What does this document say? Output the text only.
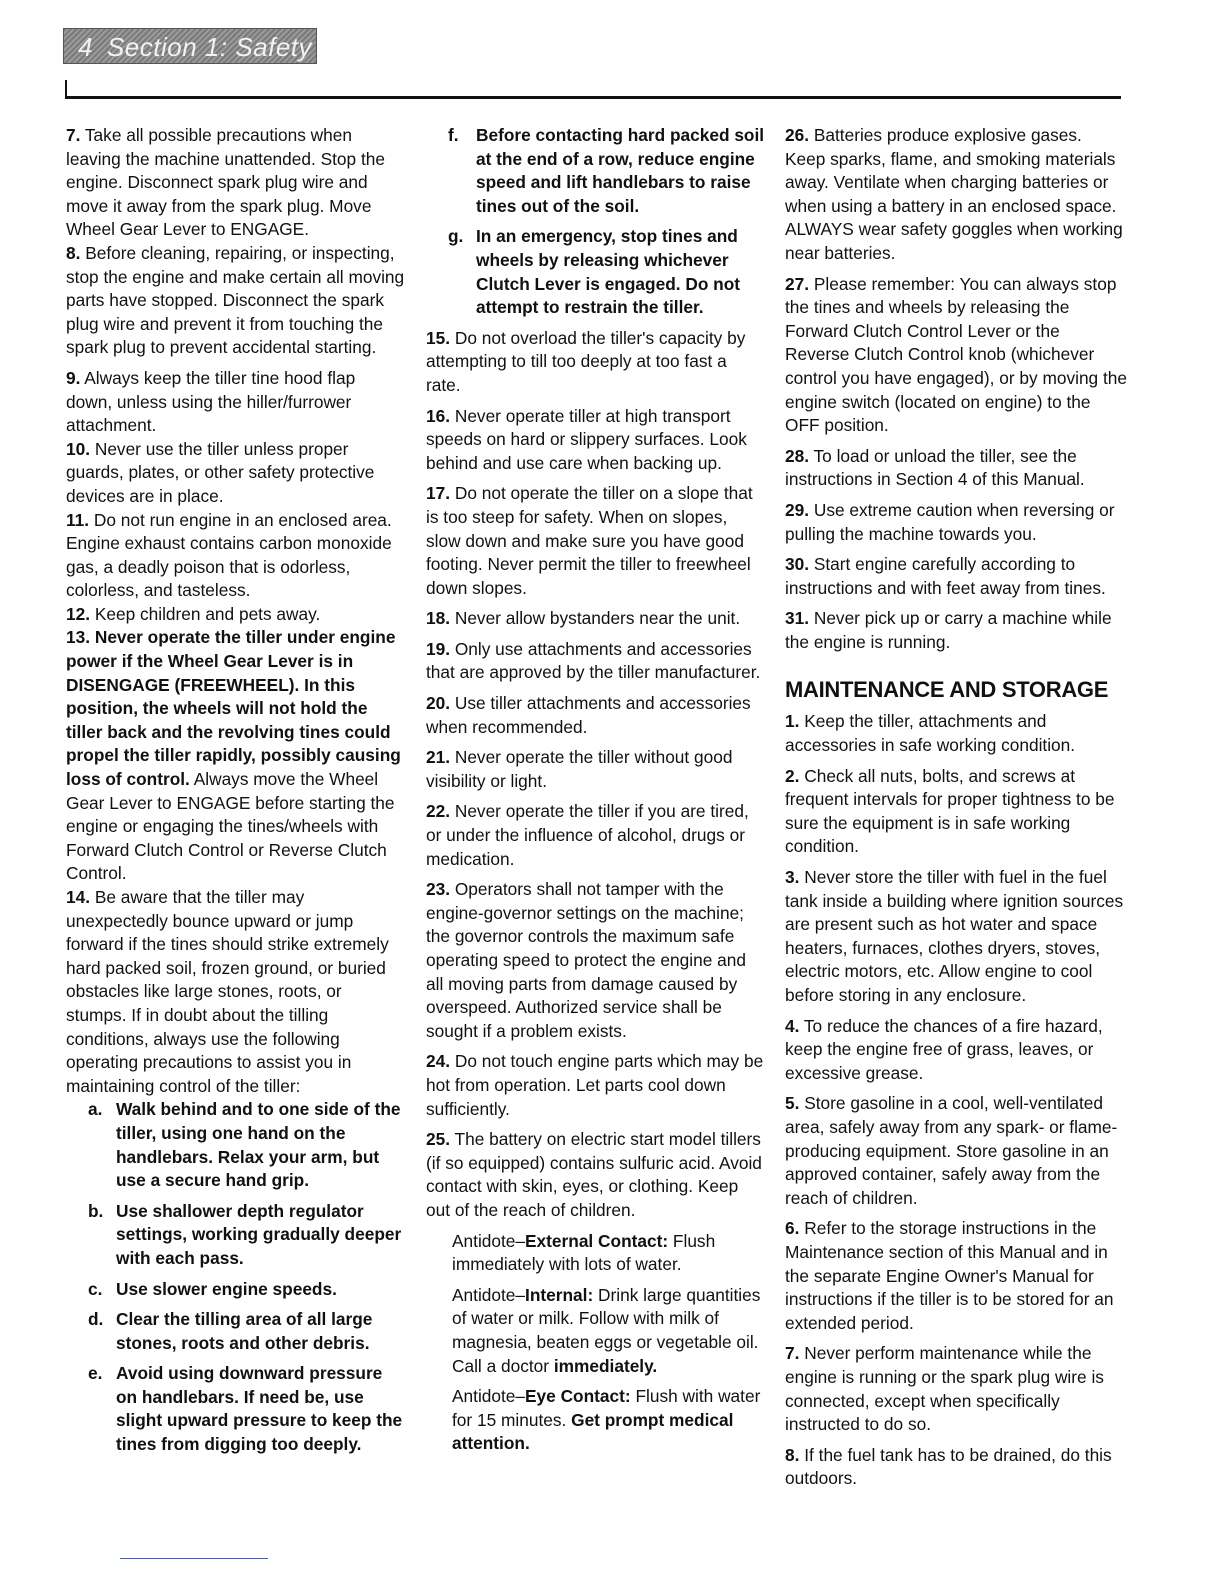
4 Section 1: Safety

7. Take all possible precautions when leaving the machine unattended. Stop the engine. Disconnect spark plug wire and move it away from the spark plug. Move Wheel Gear Lever to ENGAGE.

8. Before cleaning, repairing, or inspecting, stop the engine and make certain all moving parts have stopped. Disconnect the spark plug wire and prevent it from touching the spark plug to prevent accidental starting.

9. Always keep the tiller tine hood flap down, unless using the hiller/furrower attachment.

10. Never use the tiller unless proper guards, plates, or other safety protective devices are in place.

11. Do not run engine in an enclosed area. Engine exhaust contains carbon monoxide gas, a deadly poison that is odorless, colorless, and tasteless.

12. Keep children and pets away.

13. Never operate the tiller under engine power if the Wheel Gear Lever is in DISENGAGE (FREEWHEEL). In this position, the wheels will not hold the tiller back and the revolving tines could propel the tiller rapidly, possibly causing loss of control. Always move the Wheel Gear Lever to ENGAGE before starting the engine or engaging the tines/wheels with Forward Clutch Control or Reverse Clutch Control.

14. Be aware that the tiller may unexpectedly bounce upward or jump forward if the tines should strike extremely hard packed soil, frozen ground, or buried obstacles like large stones, roots, or stumps. If in doubt about the tilling conditions, always use the following operating precautions to assist you in maintaining control of the tiller:

a. Walk behind and to one side of the tiller, using one hand on the handlebars. Relax your arm, but use a secure hand grip.

b. Use shallower depth regulator settings, working gradually deeper with each pass.

c. Use slower engine speeds.

d. Clear the tilling area of all large stones, roots and other debris.

e. Avoid using downward pressure on handlebars. If need be, use slight upward pressure to keep the tines from digging too deeply.

f. Before contacting hard packed soil at the end of a row, reduce engine speed and lift handlebars to raise tines out of the soil.

g. In an emergency, stop tines and wheels by releasing whichever Clutch Lever is engaged. Do not attempt to restrain the tiller.

15. Do not overload the tiller's capacity by attempting to till too deeply at too fast a rate.

16. Never operate tiller at high transport speeds on hard or slippery surfaces. Look behind and use care when backing up.

17. Do not operate the tiller on a slope that is too steep for safety. When on slopes, slow down and make sure you have good footing. Never permit the tiller to freewheel down slopes.

18. Never allow bystanders near the unit.

19. Only use attachments and accessories that are approved by the tiller manufacturer.

20. Use tiller attachments and accessories when recommended.

21. Never operate the tiller without good visibility or light.

22. Never operate the tiller if you are tired, or under the influence of alcohol, drugs or medication.

23. Operators shall not tamper with the engine-governor settings on the machine; the governor controls the maximum safe operating speed to protect the engine and all moving parts from damage caused by overspeed. Authorized service shall be sought if a problem exists.

24. Do not touch engine parts which may be hot from operation. Let parts cool down sufficiently.

25. The battery on electric start model tillers (if so equipped) contains sulfuric acid. Avoid contact with skin, eyes, or clothing. Keep out of the reach of children.

Antidote–External Contact: Flush immediately with lots of water.

Antidote–Internal: Drink large quantities of water or milk. Follow with milk of magnesia, beaten eggs or vegetable oil. Call a doctor immediately.

Antidote–Eye Contact: Flush with water for 15 minutes. Get prompt medical attention.

26. Batteries produce explosive gases. Keep sparks, flame, and smoking materials away. Ventilate when charging batteries or when using a battery in an enclosed space. ALWAYS wear safety goggles when working near batteries.

27. Please remember: You can always stop the tines and wheels by releasing the Forward Clutch Control Lever or the Reverse Clutch Control knob (whichever control you have engaged), or by moving the engine switch (located on engine) to the OFF position.

28. To load or unload the tiller, see the instructions in Section 4 of this Manual.

29. Use extreme caution when reversing or pulling the machine towards you.

30. Start engine carefully according to instructions and with feet away from tines.

31. Never pick up or carry a machine while the engine is running.

MAINTENANCE AND STORAGE

1. Keep the tiller, attachments and accessories in safe working condition.

2. Check all nuts, bolts, and screws at frequent intervals for proper tightness to be sure the equipment is in safe working condition.

3. Never store the tiller with fuel in the fuel tank inside a building where ignition sources are present such as hot water and space heaters, furnaces, clothes dryers, stoves, electric motors, etc. Allow engine to cool before storing in any enclosure.

4. To reduce the chances of a fire hazard, keep the engine free of grass, leaves, or excessive grease.

5. Store gasoline in a cool, well-ventilated area, safely away from any spark- or flame-producing equipment. Store gasoline in an approved container, safely away from the reach of children.

6. Refer to the storage instructions in the Maintenance section of this Manual and in the separate Engine Owner's Manual for instructions if the tiller is to be stored for an extended period.

7. Never perform maintenance while the engine is running or the spark plug wire is connected, except when specifically instructed to do so.

8. If the fuel tank has to be drained, do this outdoors.
